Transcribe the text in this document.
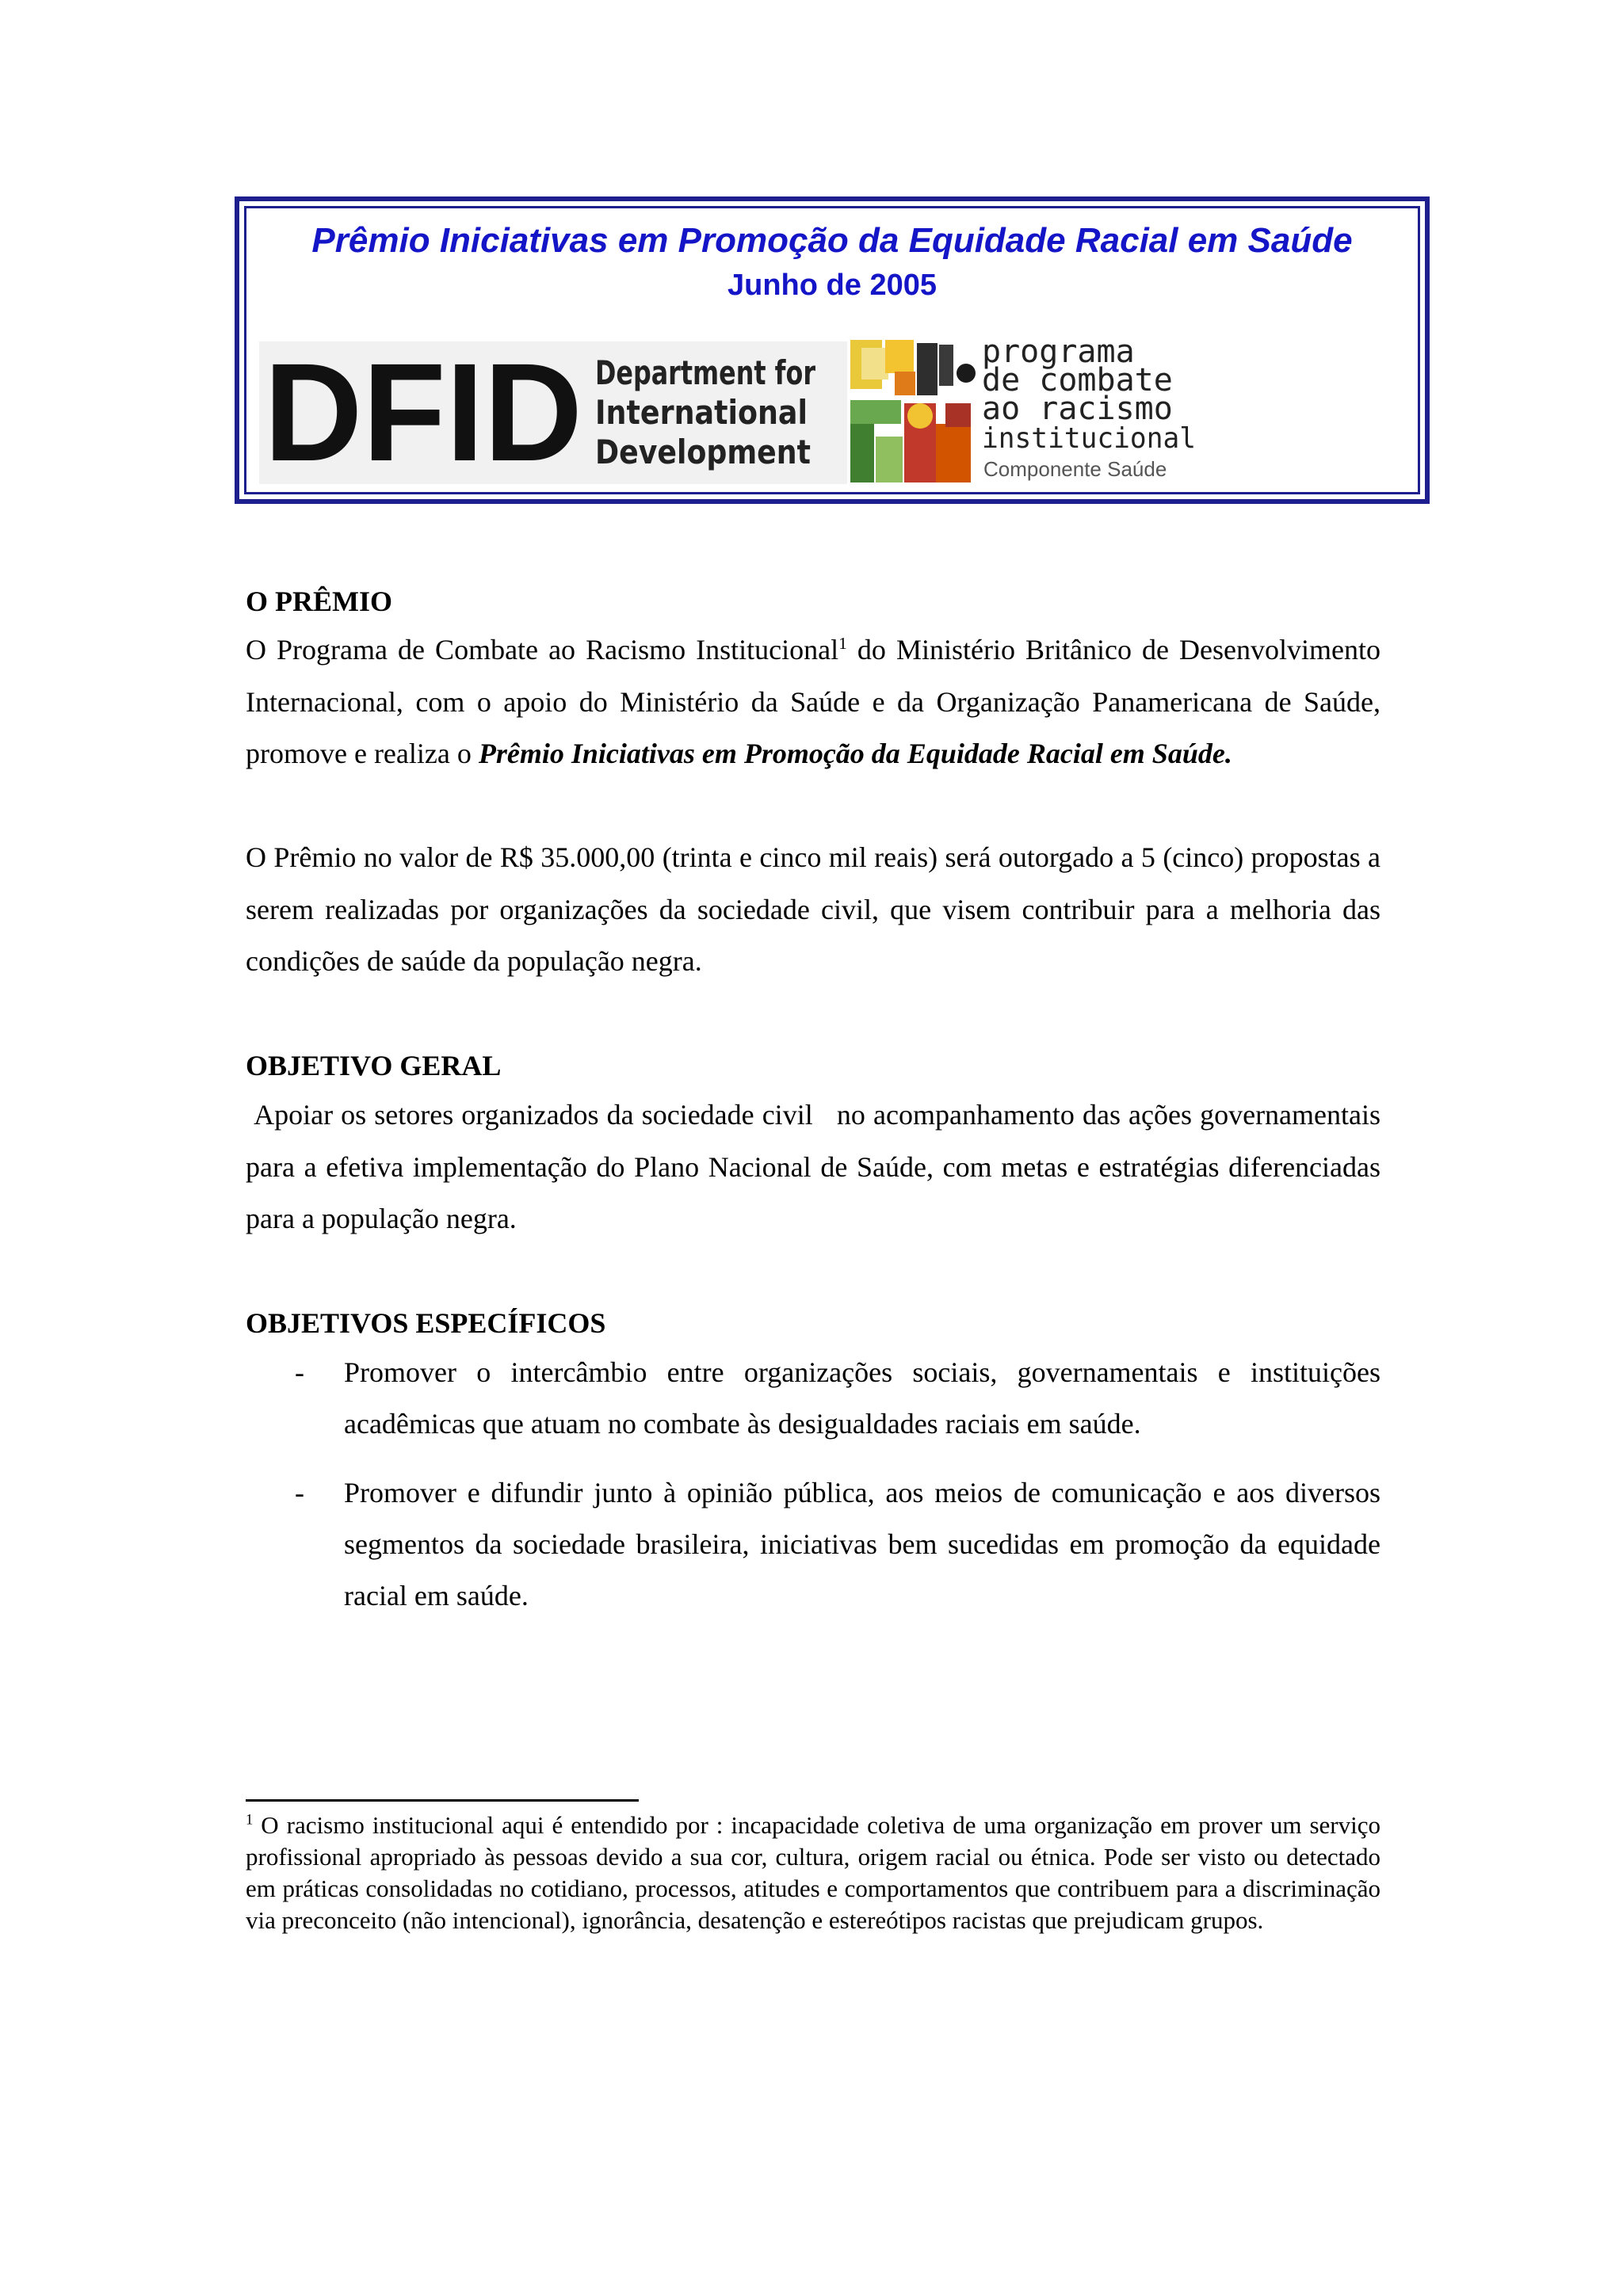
Prêmio Iniciativas em Promoção da Equidade Racial em Saúde
Junho de 2005
DFID Department for
International
Development
programa
de combate
ao racismo
institucional
Componente Saúde
O PRÊMIO
O Programa de Combate ao Racismo Institucional$^1$ do Ministério Britânico de Desenvolvimento Internacional, com o apoio do Ministério da Saúde e da Organização Panamericana de Saúde, promove e realiza o Prêmio Iniciativas em Promoção da Equidade Racial em Saúde.
O Prêmio no valor de R$ 35.000,00 (trinta e cinco mil reais) será outorgado a 5 (cinco) propostas a serem realizadas por organizações da sociedade civil, que visem contribuir para a melhoria das condições de saúde da população negra.
OBJETIVO GERAL
Apoiar os setores organizados da sociedade civil   no acompanhamento das ações governamentais para a efetiva implementação do Plano Nacional de Saúde, com metas e estratégias diferenciadas para a população negra.
OBJETIVOS ESPECÍFICOS
- Promover o intercâmbio entre organizações sociais, governamentais e instituições acadêmicas que atuam no combate às desigualdades raciais em saúde.
- Promover e difundir junto à opinião pública, aos meios de comunicação e aos diversos segmentos da sociedade brasileira, iniciativas bem sucedidas em promoção da equidade racial em saúde.
$^1$ O racismo institucional aqui é entendido por : incapacidade coletiva de uma organização em prover um serviço profissional apropriado às pessoas devido a sua cor, cultura, origem racial ou étnica. Pode ser visto ou detectado em práticas consolidadas no cotidiano, processos, atitudes e comportamentos que contribuem para a discriminação via preconceito (não intencional), ignorância, desatenção e estereótipos racistas que prejudicam grupos.
